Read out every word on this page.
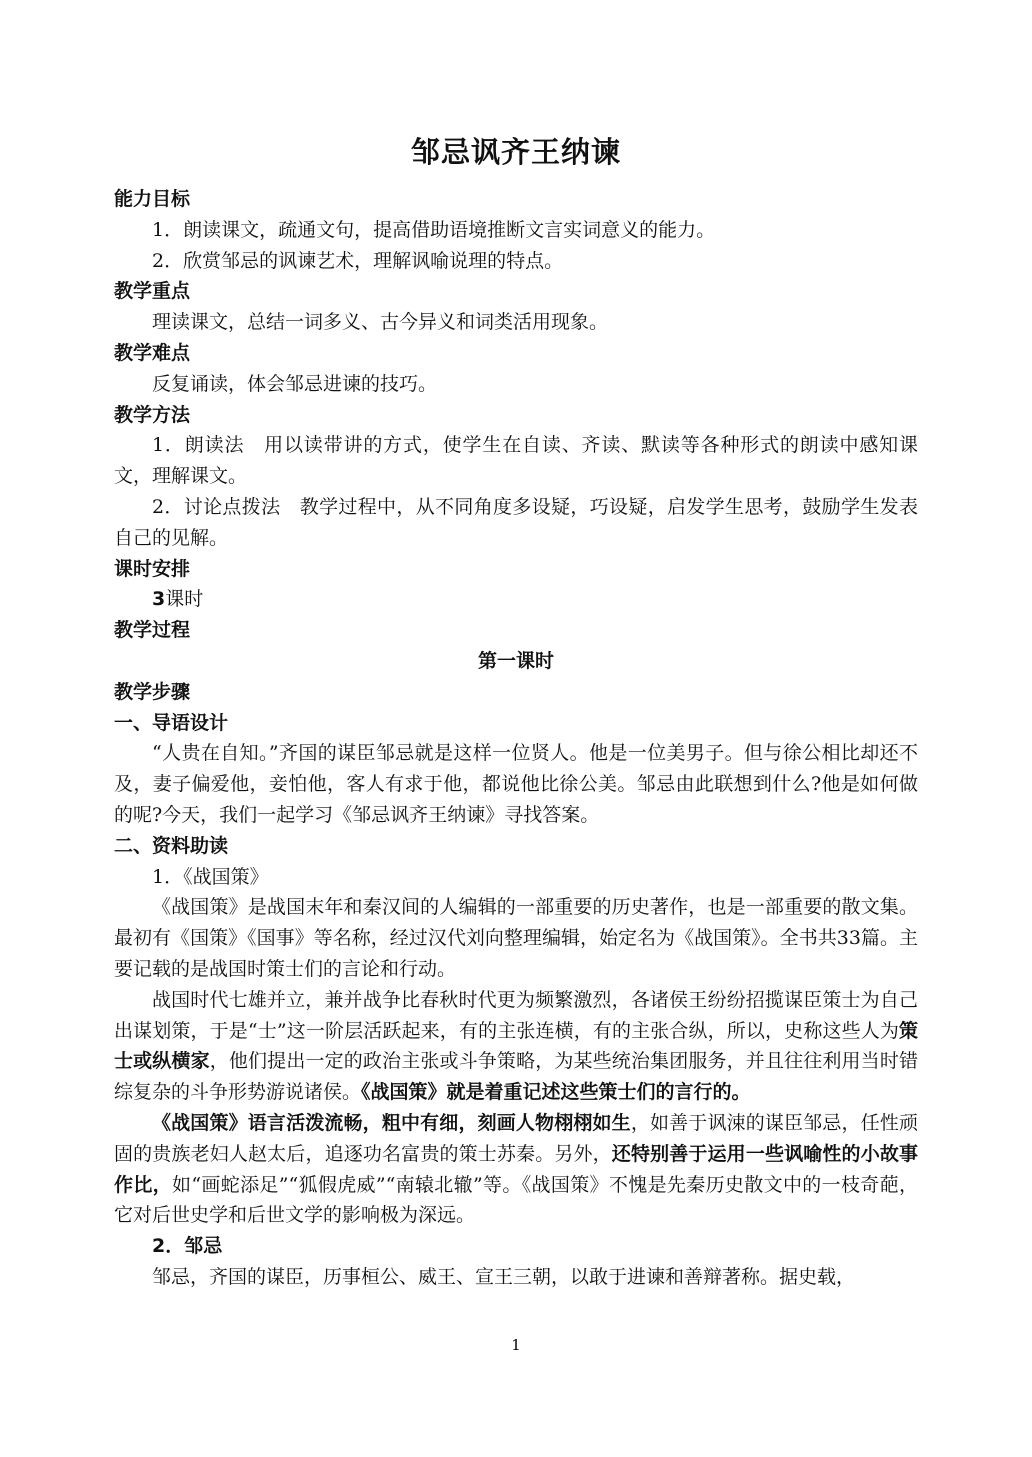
邹忌讽齐王纳谏
能力目标

1．朗读课文，疏通文句，提高借助语境推断文言实词意义的能力。

2．欣赏邹忌的讽谏艺术，理解讽喻说理的特点。

教学重点

理读课文，总结一词多义、古今异义和词类活用现象。

教学难点

反复诵读，体会邹忌进谏的技巧。

教学方法

1．朗读法　用以读带讲的方式，使学生在自读、齐读、默读等各种形式的朗读中感知课文，理解课文。

2．讨论点拨法　教学过程中，从不同角度多设疑，巧设疑，启发学生思考，鼓励学生发表自己的见解。

课时安排

3课时

教学过程
第一课时
教学步骤
一、导语设计

“人贵在自知。”齐国的谋臣邹忌就是这样一位贤人。他是一位美男子。但与徐公相比却还不及，妻子偏爱他，妾怕他，客人有求于他，都说他比徐公美。邹忌由此联想到什么?他是如何做的呢?今天，我们一起学习《邹忌讽齐王纳谏》寻找答案。

二、资料助读

1．《战国策》

《战国策》是战国末年和秦汉间的人编辑的一部重要的历史著作，也是一部重要的散文集。最初有《国策》《国事》等名称，经过汉代刘向整理编辑，始定名为《战国策》。全书共33篇。主要记载的是战国时策士们的言论和行动。

战国时代七雄并立，兼并战争比春秋时代更为频繁激烈，各诸侯王纷纷招揽谋臣策士为自己出谋划策，于是“士”这一阶层活跃起来，有的主张连横，有的主张合纵，所以，史称这些人为策士或纵横家，他们提出一定的政治主张或斗争策略，为某些统治集团服务，并且往往利用当时错综复杂的斗争形势游说诸侯。《战国策》就是着重记述这些策士们的言行的。

《战国策》语言活泼流畅，粗中有细，刻画人物栩栩如生，如善于讽涑的谋臣邹忌，任性顽固的贵族老妇人赵太后，追逐功名富贵的策士苏秦。另外，还特别善于运用一些讽喻性的小故事作比，如“画蛇添足”“狐假虎威”“南辕北辙”等。《战国策》不愧是先秦历史散文中的一枝奇葩，它对后世史学和后世文学的影响极为深远。

2．邹忌

邹忌，齐国的谋臣，历事桓公、威王、宣王三朝，以敢于进谏和善辩著称。据史载，

1
